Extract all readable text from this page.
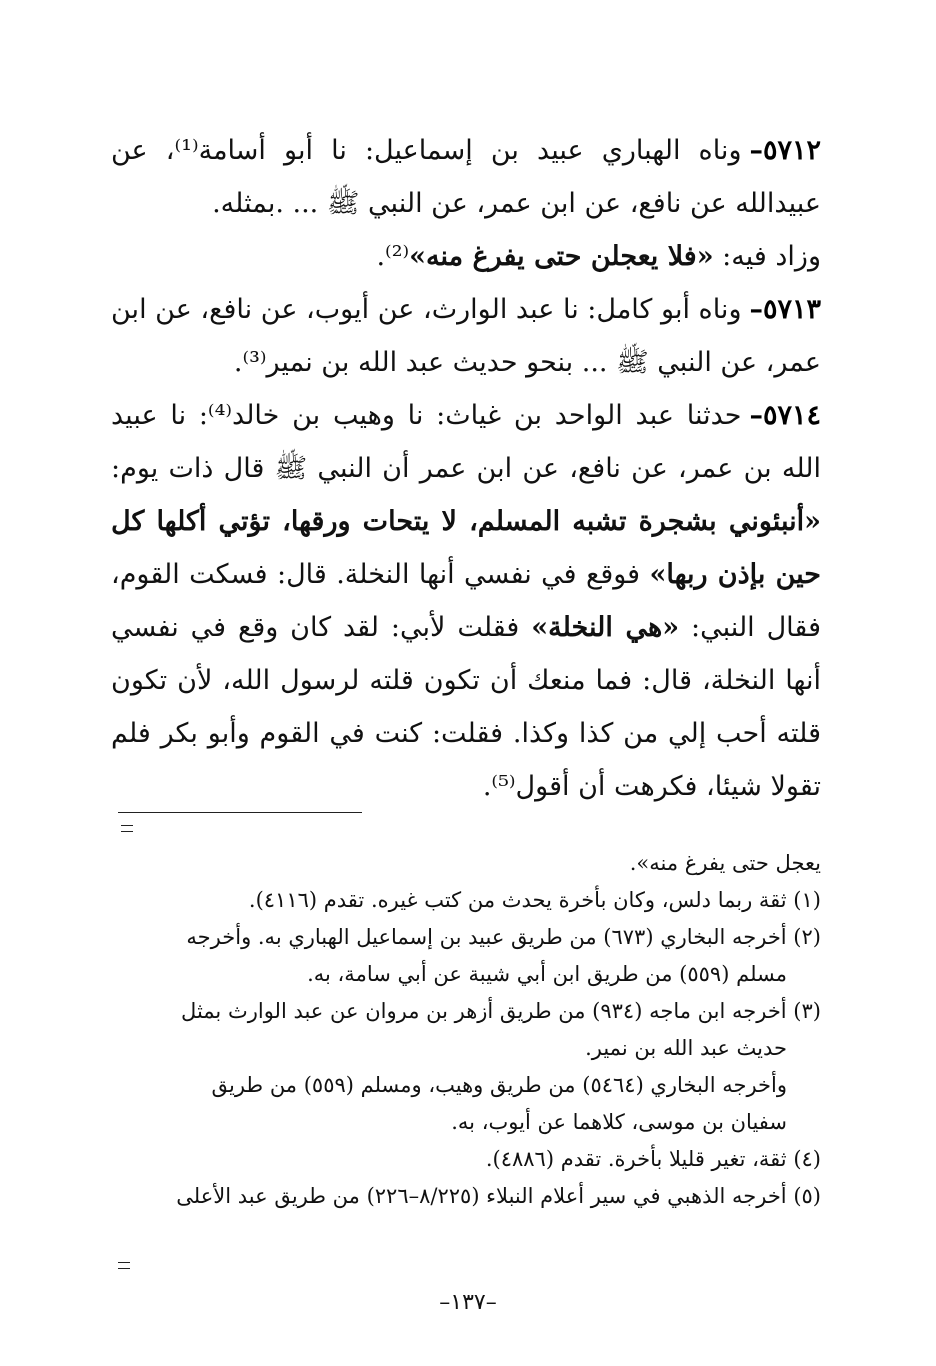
٥٧١٢–وناه الهباري عبيد بن إسماعيل: نا أبو أسامة⁽¹⁾، عن عبيدالله عن نافع، عن ابن عمر، عن النبي ﷺ ... .بمثله.

وزاد فيه: «فلا يعجلن حتى يفرغ منه»⁽²⁾.

٥٧١٣–وناه أبو كامل: نا عبد الوارث، عن أيوب، عن نافع، عن ابن عمر، عن النبي ﷺ ... بنحو حديث عبد الله بن نمير⁽³⁾.

٥٧١٤–حدثنا عبد الواحد بن غياث: نا وهيب بن خالد⁽⁴⁾: نا عبيد الله بن عمر، عن نافع، عن ابن عمر أن النبي ﷺ قال ذات يوم: «أنبئوني بشجرة تشبه المسلم، لا يتحات ورقها، تؤتي أكلها كل حين بإذن ربها» فوقع في نفسي أنها النخلة. قال: فسكت القوم، فقال النبي: «هي النخلة» فقلت لأبي: لقد كان وقع في نفسي أنها النخلة، قال: فما منعك أن تكون قلته لرسول الله، لأن تكون قلته أحب إلي من كذا وكذا. فقلت: كنت في القوم وأبو بكر فلم تقولا شيئا، فكرهت أن أقول⁽⁵⁾.

يعجل حتى يفرغ منه».

(١) ثقة ربما دلس، وكان بأخرة يحدث من كتب غيره. تقدم (٤١١٦).

(٢) أخرجه البخاري (٦٧٣) من طريق عبيد بن إسماعيل الهباري به. وأخرجه

مسلم (٥٥٩) من طريق ابن أبي شيبة عن أبي سامة، به.

(٣) أخرجه ابن ماجه (٩٣٤) من طريق أزهر بن مروان عن عبد الوارث بمثل

حديث عبد الله بن نمير.

وأخرجه البخاري (٥٤٦٤) من طريق وهيب، ومسلم (٥٥٩) من طريق

سفيان بن موسى، كلاهما عن أيوب، به.

(٤) ثقة، تغير قليلا بأخرة. تقدم (٤٨٨٦).

(٥) أخرجه الذهبي في سير أعلام النبلاء (٨/٢٢٥–٢٢٦) من طريق عبد الأعلى

–١٣٧–
